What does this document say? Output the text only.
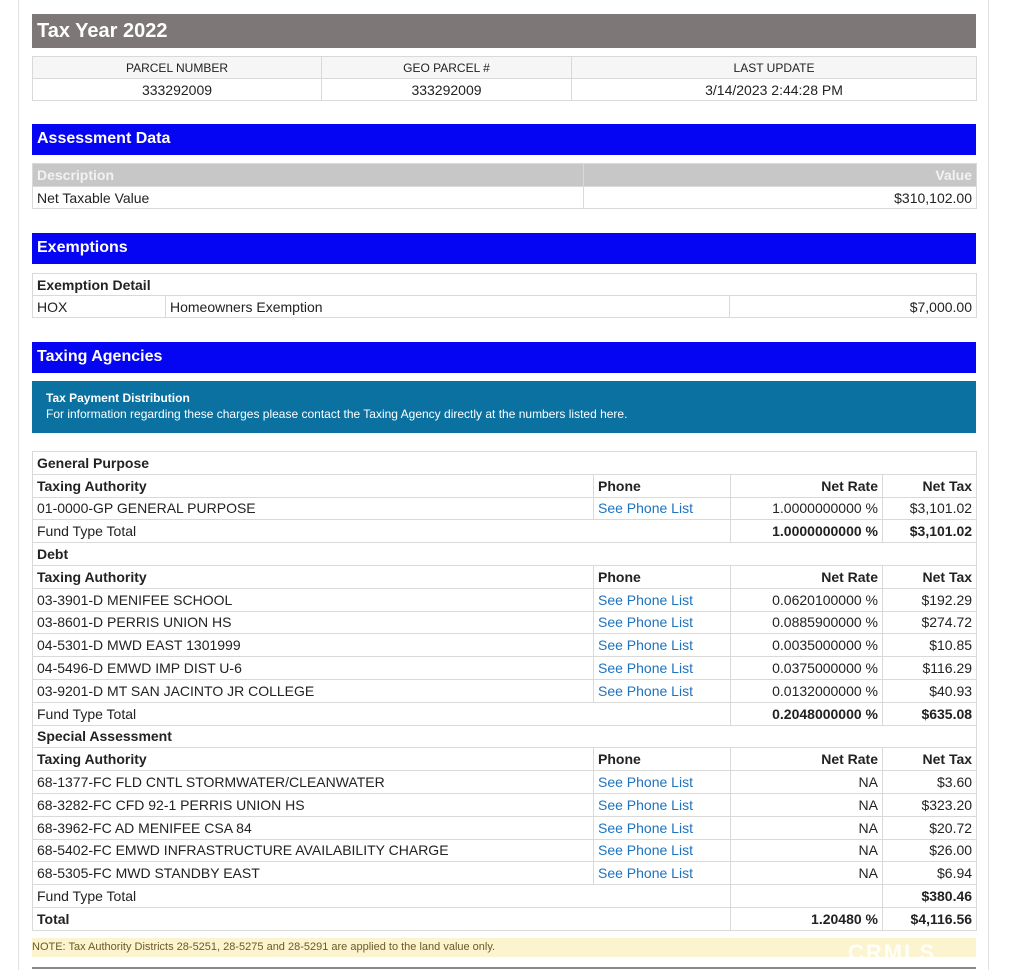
Tax Year 2022
PARCEL NUMBER	GEO PARCEL #	LAST UPDATE
333292009	333292009	3/14/2023 2:44:28 PM
Assessment Data
Description	Value
Net Taxable Value	$310,102.00
Exemptions
Exemption Detail
HOX	Homeowners Exemption	$7,000.00
Taxing Agencies
Tax Payment Distribution
For information regarding these charges please contact the Taxing Agency directly at the numbers listed here.
General Purpose			
Taxing Authority	Phone	Net Rate	Net Tax
01-0000-GP GENERAL PURPOSE	See Phone List	1.0000000000 %	$3,101.02
Fund Type Total		1.0000000000 %	$3,101.02
Debt			
Taxing Authority	Phone	Net Rate	Net Tax
03-3901-D MENIFEE SCHOOL	See Phone List	0.0620100000 %	$192.29
03-8601-D PERRIS UNION HS	See Phone List	0.0885900000 %	$274.72
04-5301-D MWD EAST 1301999	See Phone List	0.0035000000 %	$10.85
04-5496-D EMWD IMP DIST U-6	See Phone List	0.0375000000 %	$116.29
03-9201-D MT SAN JACINTO JR COLLEGE	See Phone List	0.0132000000 %	$40.93
Fund Type Total		0.2048000000 %	$635.08
Special Assessment			
Taxing Authority	Phone	Net Rate	Net Tax
68-1377-FC FLD CNTL STORMWATER/CLEANWATER	See Phone List	NA	$3.60
68-3282-FC CFD 92-1 PERRIS UNION HS	See Phone List	NA	$323.20
68-3962-FC AD MENIFEE CSA 84	See Phone List	NA	$20.72
68-5402-FC EMWD INFRASTRUCTURE AVAILABILITY CHARGE	See Phone List	NA	$26.00
68-5305-FC MWD STANDBY EAST	See Phone List	NA	$6.94
Fund Type Total			$380.46
Total		1.20480 %	$4,116.56
NOTE: Tax Authority Districts 28-5251, 28-5275 and 28-5291 are applied to the land value only.	CRMLS
